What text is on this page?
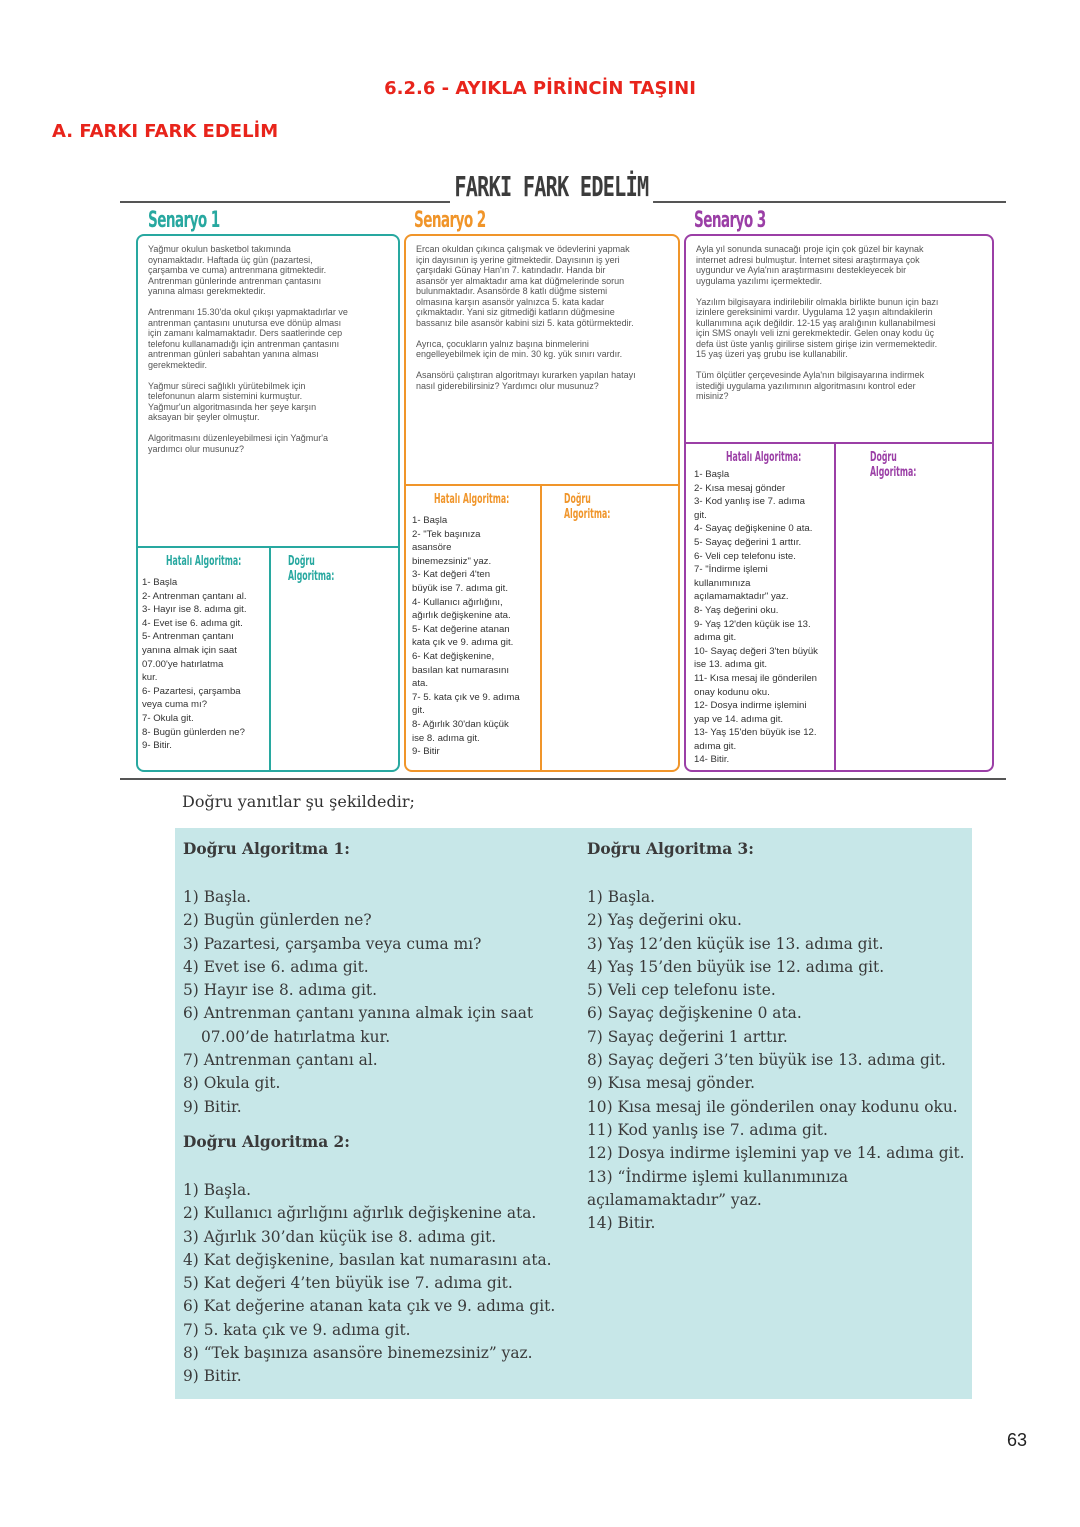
6.2.6 - AYIKLA PİRİNCİN TAŞINI
A. FARKI FARK EDELİM
FARKI FARK EDELİM
Senaryo 1
Yağmur okulun basketbol takımında
oynamaktadır. Haftada üç gün (pazartesi,
çarşamba ve cuma) antrenmana gitmektedir.
Antrenman günlerinde antrenman çantasını
yanına alması gerekmektedir.

Antrenmanı 15.30'da okul çıkışı yapmaktadırlar ve
antrenman çantasını unutursa eve dönüp alması
için zamanı kalmamaktadır. Ders saatlerinde cep
telefonu kullanamadığı için antrenman çantasını
antrenman günleri sabahtan yanına alması
gerekmektedir.

Yağmur süreci sağlıklı yürütebilmek için
telefonunun alarm sistemini kurmuştur.
Yağmur'un algoritmasında her şeye karşın
aksayan bir şeyler olmuştur.

Algoritmasını düzenleyebilmesi için Yağmur'a
yardımcı olur musunuz?
Hatalı Algoritma:	Doğru Algoritma:
1- Başla
2- Antrenman çantanı al.
3- Hayır ise 8. adıma git.
4- Evet ise 6. adıma git.
5- Antrenman çantanı
yanına almak için saat
07.00'ye hatırlatma
kur.
6- Pazartesi, çarşamba
veya cuma mı?
7- Okula git.
8- Bugün günlerden ne?
9- Bitir.
Senaryo 2
Ercan okuldan çıkınca çalışmak ve ödevlerini yapmak
için dayısının iş yerine gitmektedir. Dayısının iş yeri
çarşıdaki Günay Han'ın 7. katındadır. Handa bir
asansör yer almaktadır ama kat düğmelerinde sorun
bulunmaktadır. Asansörde 8 katlı düğme sistemi
olmasına karşın asansör yalnızca 5. kata kadar
çıkmaktadır. Yani siz gitmediği katların düğmesine
bassanız bile asansör kabini sizi 5. kata götürmektedir.

Ayrıca, çocukların yalnız başına binmelerini
engelleyebilmek için de min. 30 kg. yük sınırı vardır.

Asansörü çalıştıran algoritmayı kurarken yapılan hatayı
nasıl giderebilirsiniz? Yardımcı olur musunuz?
Hatalı Algoritma:	Doğru Algoritma:
1- Başla
2- "Tek başınıza
asansöre
binemezsiniz" yaz.
3- Kat değeri 4'ten
büyük ise 7. adıma git.
4- Kullanıcı ağırlığını,
ağırlık değişkenine ata.
5- Kat değerine atanan
kata çık ve 9. adıma git.
6- Kat değişkenine,
basılan kat numarasını
ata.
7- 5. kata çık ve 9. adıma
git.
8- Ağırlık 30'dan küçük
ise 8. adıma git.
9- Bitir
Senaryo 3
Ayla yıl sonunda sunacağı proje için çok güzel bir kaynak
internet adresi bulmuştur. İnternet sitesi araştırmaya çok
uygundur ve Ayla'nın araştırmasını destekleyecek bir
uygulama yazılımı içermektedir.

Yazılım bilgisayara indirilebilir olmakla birlikte bunun için bazı
izinlere gereksinimi vardır. Uygulama 12 yaşın altındakilerin
kullanımına açık değildir. 12-15 yaş aralığının kullanabilmesi
için SMS onaylı veli izni gerekmektedir. Gelen onay kodu üç
defa üst üste yanlış girilirse sistem girişe izin vermemektedir.
15 yaş üzeri yaş grubu ise kullanabilir.

Tüm ölçütler çerçevesinde Ayla'nın bilgisayarına indirmek
istediği uygulama yazılımının algoritmasını kontrol eder
misiniz?
Hatalı Algoritma:	Doğru Algoritma:
1- Başla
2- Kısa mesaj gönder
3- Kod yanlış ise 7. adıma
git.
4- Sayaç değişkenine 0 ata.
5- Sayaç değerini 1 arttır.
6- Veli cep telefonu iste.
7- "İndirme işlemi
kullanımınıza
açılamamaktadır" yaz.
8- Yaş değerini oku.
9- Yaş 12'den küçük ise 13.
adıma git.
10- Sayaç değeri 3'ten büyük
ise 13. adıma git.
11- Kısa mesaj ile gönderilen
onay kodunu oku.
12- Dosya indirme işlemini
yap ve 14. adıma git.
13- Yaş 15'den büyük ise 12.
adıma git.
14- Bitir.
Doğru yanıtlar şu şekildedir;
Doğru Algoritma 1:
1) Başla.
2) Bugün günlerden ne?
3) Pazartesi, çarşamba veya cuma mı?
4) Evet ise 6. adıma git.
5) Hayır ise 8. adıma git.
6) Antrenman çantanı yanına almak için saat
07.00’de hatırlatma kur.
7) Antrenman çantanı al.
8) Okula git.
9) Bitir.
Doğru Algoritma 2:
1) Başla.
2) Kullanıcı ağırlığını ağırlık değişkenine ata.
3) Ağırlık 30’dan küçük ise 8. adıma git.
4) Kat değişkenine, basılan kat numarasını ata.
5) Kat değeri 4’ten büyük ise 7. adıma git.
6) Kat değerine atanan kata çık ve 9. adıma git.
7) 5. kata çık ve 9. adıma git.
8) “Tek başınıza asansöre binemezsiniz” yaz.
9) Bitir.
Doğru Algoritma 3:
1) Başla.
2) Yaş değerini oku.
3) Yaş 12’den küçük ise 13. adıma git.
4) Yaş 15’den büyük ise 12. adıma git.
5) Veli cep telefonu iste.
6) Sayaç değişkenine 0 ata.
7) Sayaç değerini 1 arttır.
8) Sayaç değeri 3’ten büyük ise 13. adıma git.
9) Kısa mesaj gönder.
10) Kısa mesaj ile gönderilen onay kodunu oku.
11) Kod yanlış ise 7. adıma git.
12) Dosya indirme işlemini yap ve 14. adıma git.
13) “İndirme işlemi kullanımınıza
açılamamaktadır” yaz.
14) Bitir.
63
